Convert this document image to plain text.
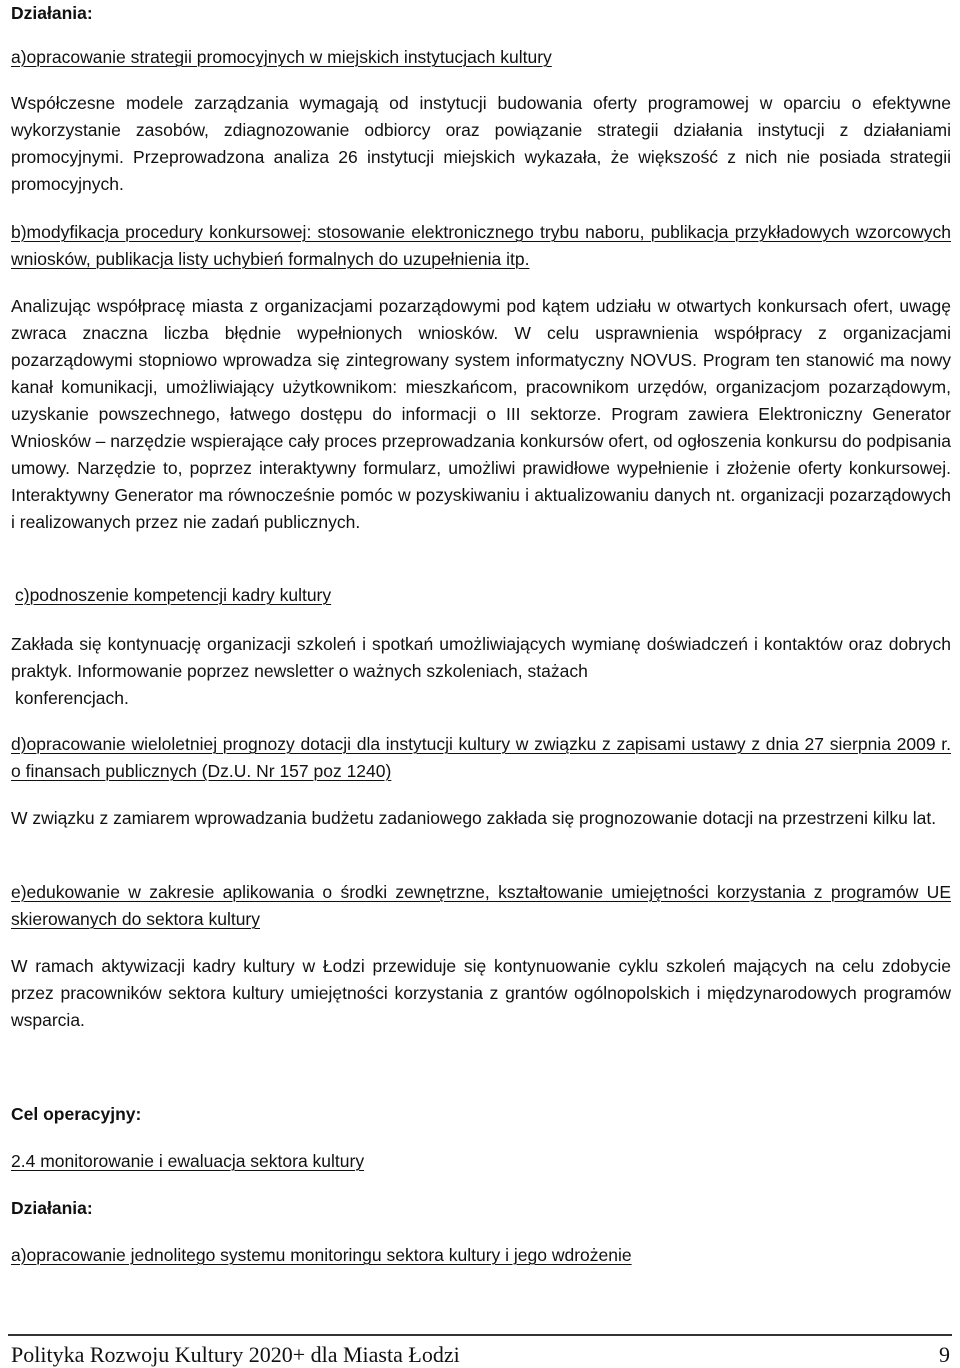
Działania:

a)opracowanie strategii promocyjnych w miejskich instytucjach kultury

Współczesne modele zarządzania wymagają od instytucji budowania oferty programowej w oparciu o efektywne wykorzystanie zasobów, zdiagnozowanie odbiorcy oraz powiązanie strategii działania instytucji z działaniami promocyjnymi. Przeprowadzona analiza 26 instytucji miejskich wykazała, że większość z nich nie posiada strategii promocyjnych.

b)modyfikacja procedury konkursowej: stosowanie elektronicznego trybu naboru, publikacja przykładowych wzorcowych wniosków, publikacja listy uchybień formalnych do uzupełnienia itp.

Analizując współpracę miasta z organizacjami pozarządowymi pod kątem udziału w otwartych konkursach ofert, uwagę zwraca znaczna liczba błędnie wypełnionych wniosków. W celu usprawnienia współpracy z organizacjami pozarządowymi stopniowo wprowadza się zintegrowany system informatyczny NOVUS. Program ten stanowić ma nowy kanał komunikacji, umożliwiający użytkownikom: mieszkańcom, pracownikom urzędów, organizacjom pozarządowym, uzyskanie powszechnego, łatwego dostępu do informacji o III sektorze. Program zawiera Elektroniczny Generator Wniosków – narzędzie wspierające cały proces przeprowadzania konkursów ofert, od ogłoszenia konkursu do podpisania umowy. Narzędzie to, poprzez interaktywny formularz, umożliwi prawidłowe wypełnienie i złożenie oferty konkursowej. Interaktywny Generator ma równocześnie pomóc w pozyskiwaniu i aktualizowaniu danych nt. organizacji pozarządowych i realizowanych przez nie zadań publicznych.

c)podnoszenie kompetencji kadry kultury

Zakłada się kontynuację organizacji szkoleń i spotkań umożliwiających wymianę doświadczeń i kontaktów oraz dobrych praktyk. Informowanie poprzez newsletter o ważnych szkoleniach, stażach
konferencjach.

d)opracowanie wieloletniej prognozy dotacji dla instytucji kultury w związku z zapisami ustawy z dnia 27 sierpnia 2009 r. o finansach publicznych (Dz.U. Nr 157 poz 1240)

W związku z zamiarem wprowadzania budżetu zadaniowego zakłada się prognozowanie dotacji na przestrzeni kilku lat.

e)edukowanie w zakresie aplikowania o środki zewnętrzne, kształtowanie umiejętności korzystania z programów UE skierowanych do sektora kultury

W ramach aktywizacji kadry kultury w Łodzi przewiduje się kontynuowanie cyklu szkoleń mających na celu zdobycie przez pracowników sektora kultury umiejętności korzystania z grantów ogólnopolskich i międzynarodowych programów wsparcia.

Cel operacyjny:

2.4 monitorowanie i ewaluacja sektora kultury

Działania:

a)opracowanie jednolitego systemu monitoringu sektora kultury i jego wdrożenie

Polityka Rozwoju Kultury 2020+ dla Miasta Łodzi	9
